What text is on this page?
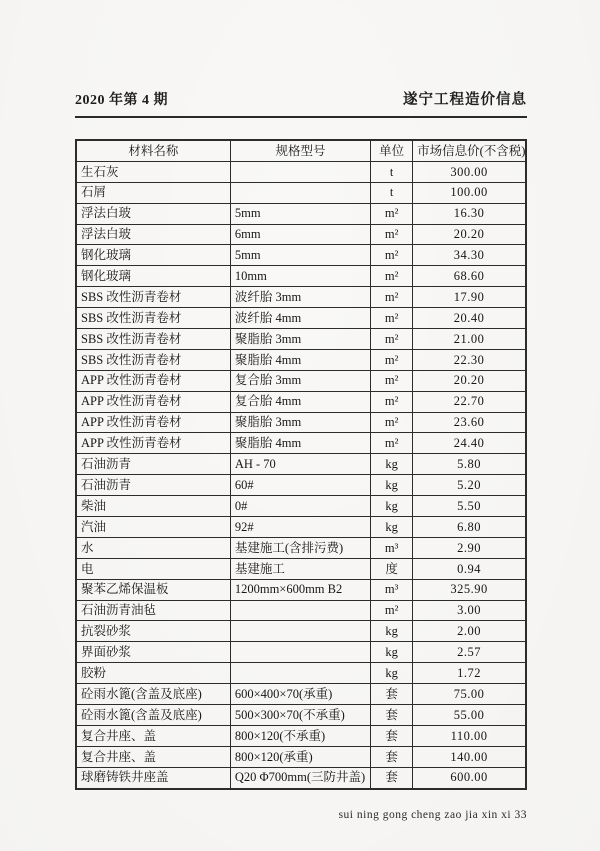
2020 年第 4 期	遂宁工程造价信息
材料名称	规格型号	单位	市场信息价(不含税)
生石灰		t	300.00
石屑		t	100.00
浮法白玻	5mm	m²	16.30
浮法白玻	6mm	m²	20.20
钢化玻璃	5mm	m²	34.30
钢化玻璃	10mm	m²	68.60
SBS 改性沥青卷材	波纤胎 3mm	m²	17.90
SBS 改性沥青卷材	波纤胎 4mm	m²	20.40
SBS 改性沥青卷材	聚脂胎 3mm	m²	21.00
SBS 改性沥青卷材	聚脂胎 4mm	m²	22.30
APP 改性沥青卷材	复合胎 3mm	m²	20.20
APP 改性沥青卷材	复合胎 4mm	m²	22.70
APP 改性沥青卷材	聚脂胎 3mm	m²	23.60
APP 改性沥青卷材	聚脂胎 4mm	m²	24.40
石油沥青	AH - 70	kg	5.80
石油沥青	60#	kg	5.20
柴油	0#	kg	5.50
汽油	92#	kg	6.80
水	基建施工(含排污费)	m³	2.90
电	基建施工	度	0.94
聚苯乙烯保温板	1200mm×600mm B2	m³	325.90
石油沥青油毡		m²	3.00
抗裂砂浆		kg	2.00
界面砂浆		kg	2.57
胶粉		kg	1.72
砼雨水篦(含盖及底座)	600×400×70(承重)	套	75.00
砼雨水篦(含盖及底座)	500×300×70(不承重)	套	55.00
复合井座、盖	800×120(不承重)	套	110.00
复合井座、盖	800×120(承重)	套	140.00
球磨铸铁井座盖	Q20 Φ700mm(三防井盖)	套	600.00
sui ning gong cheng zao jia xin xi 33
